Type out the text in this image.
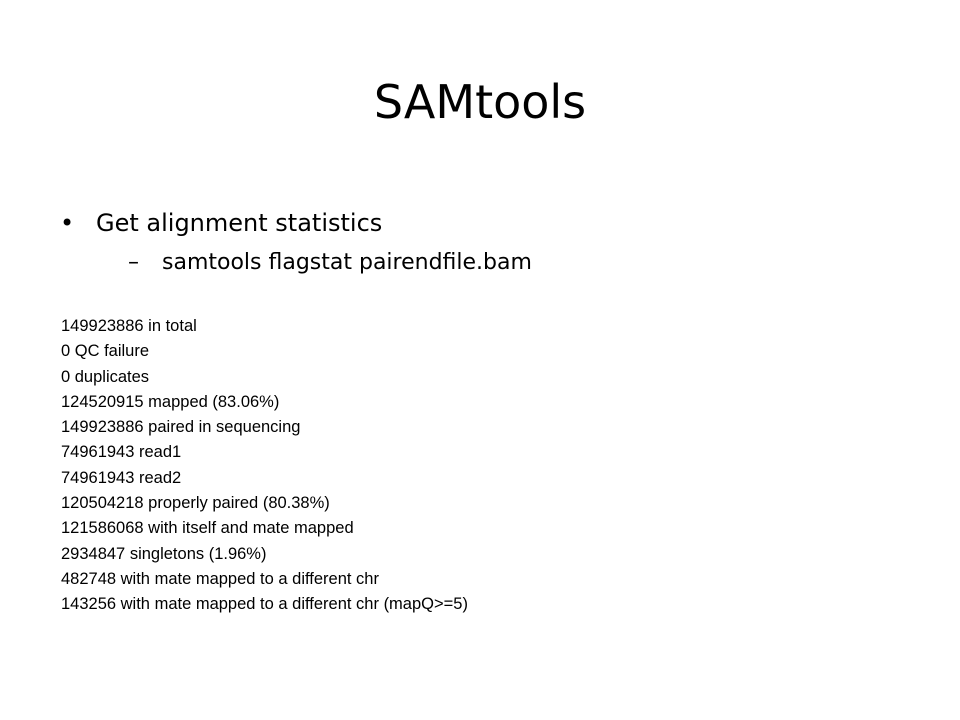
SAMtools
• Get alignment statistics
– samtools flagstat pairendfile.bam
149923886 in total
0 QC failure
0 duplicates
124520915 mapped (83.06%)
149923886 paired in sequencing
74961943 read1
74961943 read2
120504218 properly paired (80.38%)
121586068 with itself and mate mapped
2934847 singletons (1.96%)
482748 with mate mapped to a different chr
143256 with mate mapped to a different chr (mapQ>=5)
